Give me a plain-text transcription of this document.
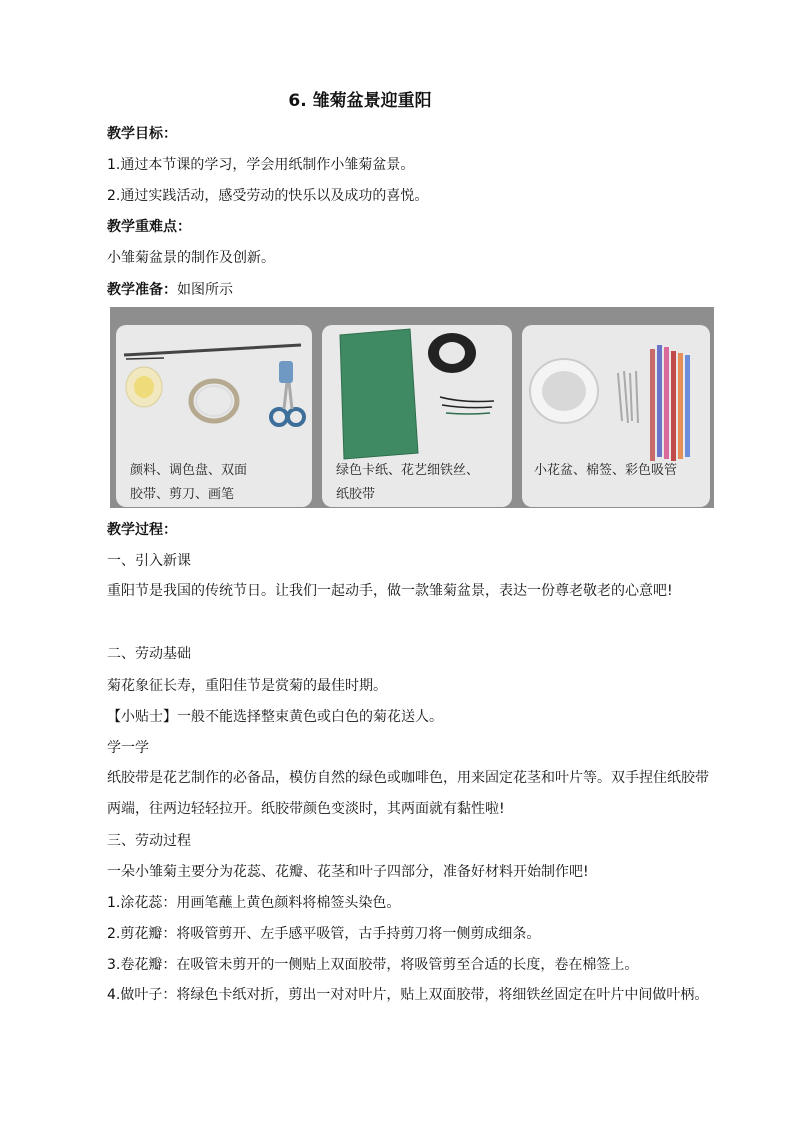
6. 雏菊盆景迎重阳
教学目标：
1.通过本节课的学习，学会用纸制作小雏菊盆景。
2.通过实践活动，感受劳动的快乐以及成功的喜悦。
教学重难点：
小雏菊盆景的制作及创新。
教学准备：如图所示
颜料、调色盘、双面
胶带、剪刀、画笔
绿色卡纸、花艺细铁丝、
纸胶带
小花盆、棉签、彩色吸管
教学过程：
一、引入新课
重阳节是我国的传统节日。让我们一起动手，做一款雏菊盆景，表达一份尊老敬老的心意吧!
二、劳动基础
菊花象征长寿，重阳佳节是赏菊的最佳时期。
【小贴士】一般不能选择整束黄色或白色的菊花送人。
学一学
纸胶带是花艺制作的必备品，模仿自然的绿色或咖啡色，用来固定花茎和叶片等。双手捏住纸胶带两端，往两边轻轻拉开。纸胶带颜色变淡时，其两面就有黏性啦!
三、劳动过程
一朵小雏菊主要分为花蕊、花瓣、花茎和叶子四部分，准备好材料开始制作吧!
1.涂花蕊：用画笔蘸上黄色颜料将棉签头染色。
2.剪花瓣：将吸管剪开、左手感平吸管，古手持剪刀将一侧剪成细条。
3.卷花瓣：在吸管未剪开的一侧贴上双面胶带，将吸管剪至合适的长度，卷在棉签上。
4.做叶子：将绿色卡纸对折，剪出一对对叶片，贴上双面胶带，将细铁丝固定在叶片中间做叶柄。
